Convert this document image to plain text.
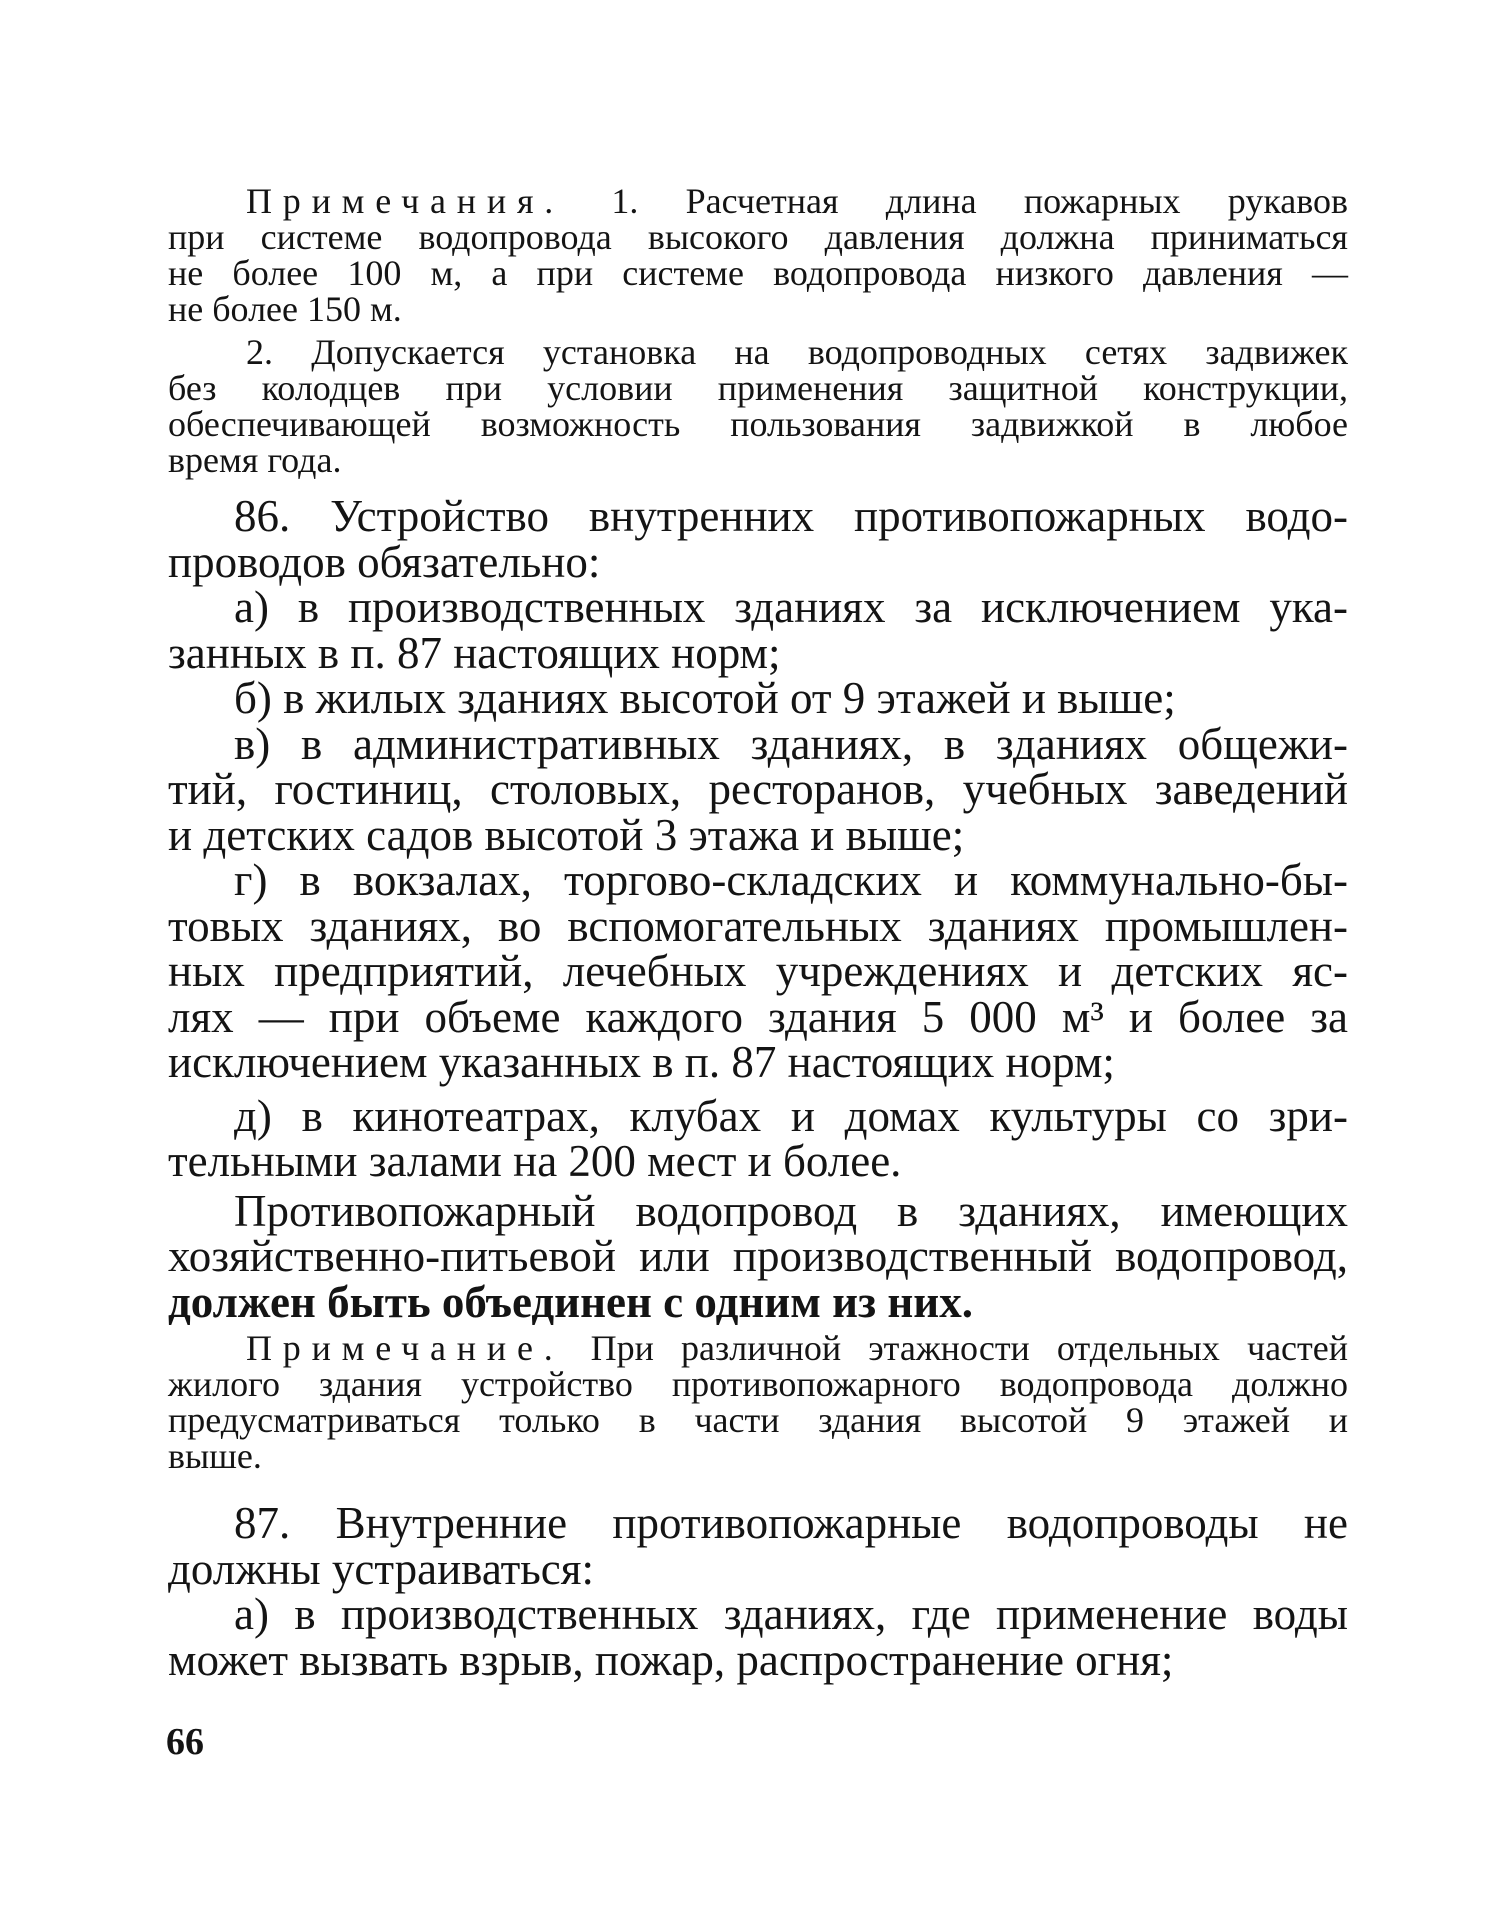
Примечания. 1. Расчетная длина пожарных рукавов
при системе водопровода высокого давления должна приниматься
не более 100 м, а при системе водопровода низкого давления —
не более 150 м.
2. Допускается установка на водопроводных сетях задвижек
без колодцев при условии применения защитной конструкции,
обеспечивающей возможность пользования задвижкой в любое
время года.
86. Устройство внутренних противопожарных водо-
проводов обязательно:
а) в производственных зданиях за исключением ука-
занных в п. 87 настоящих норм;
б) в жилых зданиях высотой от 9 этажей и выше;
в) в административных зданиях, в зданиях общежи-
тий, гостиниц, столовых, ресторанов, учебных заведений
и детских садов высотой 3 этажа и выше;
г) в вокзалах, торгово-складских и коммунально-бы-
товых зданиях, во вспомогательных зданиях промышлен-
ных предприятий, лечебных учреждениях и детских яс-
лях — при объеме каждого здания 5 000 м³ и более за
исключением указанных в п. 87 настоящих норм;
д) в кинотеатрах, клубах и домах культуры со зри-
тельными залами на 200 мест и более.
Противопожарный водопровод в зданиях, имеющих
хозяйственно-питьевой или производственный водопровод,
должен быть объединен с одним из них.
Примечание. При различной этажности отдельных частей
жилого здания устройство противопожарного водопровода должно
предусматриваться только в части здания высотой 9 этажей и
выше.
87. Внутренние противопожарные водопроводы не
должны устраиваться:
а) в производственных зданиях, где применение воды
может вызвать взрыв, пожар, распространение огня;
66
